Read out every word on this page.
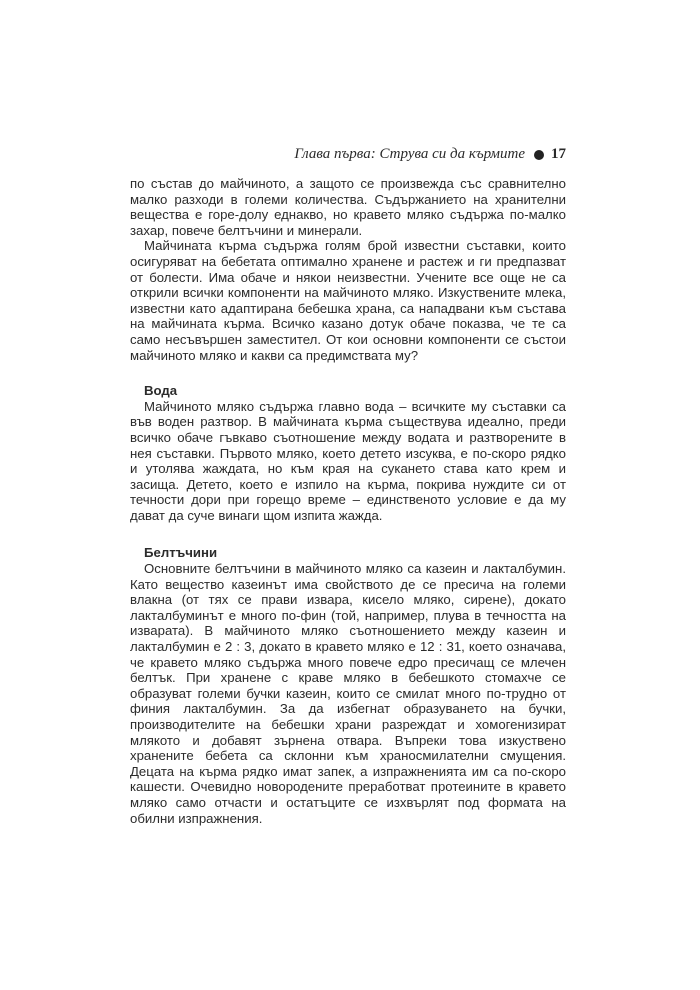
Глава първа: Струва си да кърмите 17

по състав до майчиното, а защото се произвежда със сравнително малко разходи в големи количества. Съдържанието на хранителни вещества е горе-долу еднакво, но кравето мляко съдържа по-малко захар, повече белтъчини и минерали.

Майчината кърма съдържа голям брой известни съставки, които осигуряват на бебетата оптимално хранене и растеж и ги предпазват от болести. Има обаче и някои неизвестни. Учените все още не са открили всички компоненти на майчиното мляко. Изкуствените млека, известни като адаптирана бебешка храна, са нападвани към състава на майчината кърма. Всичко казано дотук обаче показва, че те са само несъвършен заместител. От кои основни компоненти се състои майчиното мляко и какви са предимствата му?

Вода

Майчиното мляко съдържа главно вода – всичките му съставки са във воден разтвор. В майчината кърма съществува идеално, преди всичко обаче гъвкаво съотношение между водата и разтворените в нея съставки. Първото мляко, което детето изсуква, е по-скоро рядко и утолява жаждата, но към края на сукането става като крем и засища. Детето, което е изпило на кърма, покрива нуждите си от течности дори при горещо време – единственото условие е да му дават да суче винаги щом изпита жажда.

Белтъчини

Основните белтъчини в майчиното мляко са казеин и лакталбумин. Като вещество казеинът има свойството де се пресича на големи влакна (от тях се прави извара, кисело мляко, сирене), докато лактaлбуминът е много по-фин (той, например, плува в течността на изварата). В майчиното мляко съотношението между казеин и лактaлбумин е 2 : 3, докато в кравето мляко е 12 : 31, което означава, че кравето мляко съдържа много повече едро пресичащ се млечен белтък. При хранене с краве мляко в бебешкото стомахче се образуват големи бучки казеин, които се смилат много по-трудно от финия лактaлбумин. За да избегнат образуването на бучки, производителите на бебешки храни разреждат и хомогенизират млякото и добавят зърнена отвара. Въпреки това изкуствено хранените бебета са склонни към храносмилателни смущения. Децата на кърма рядко имат запек, а изпражненията им са по-скоро кашести. Очевидно новородените преработват протеините в кравето мляко само отчасти и остатъците се изхвърлят под формата на обилни изпражнения.
